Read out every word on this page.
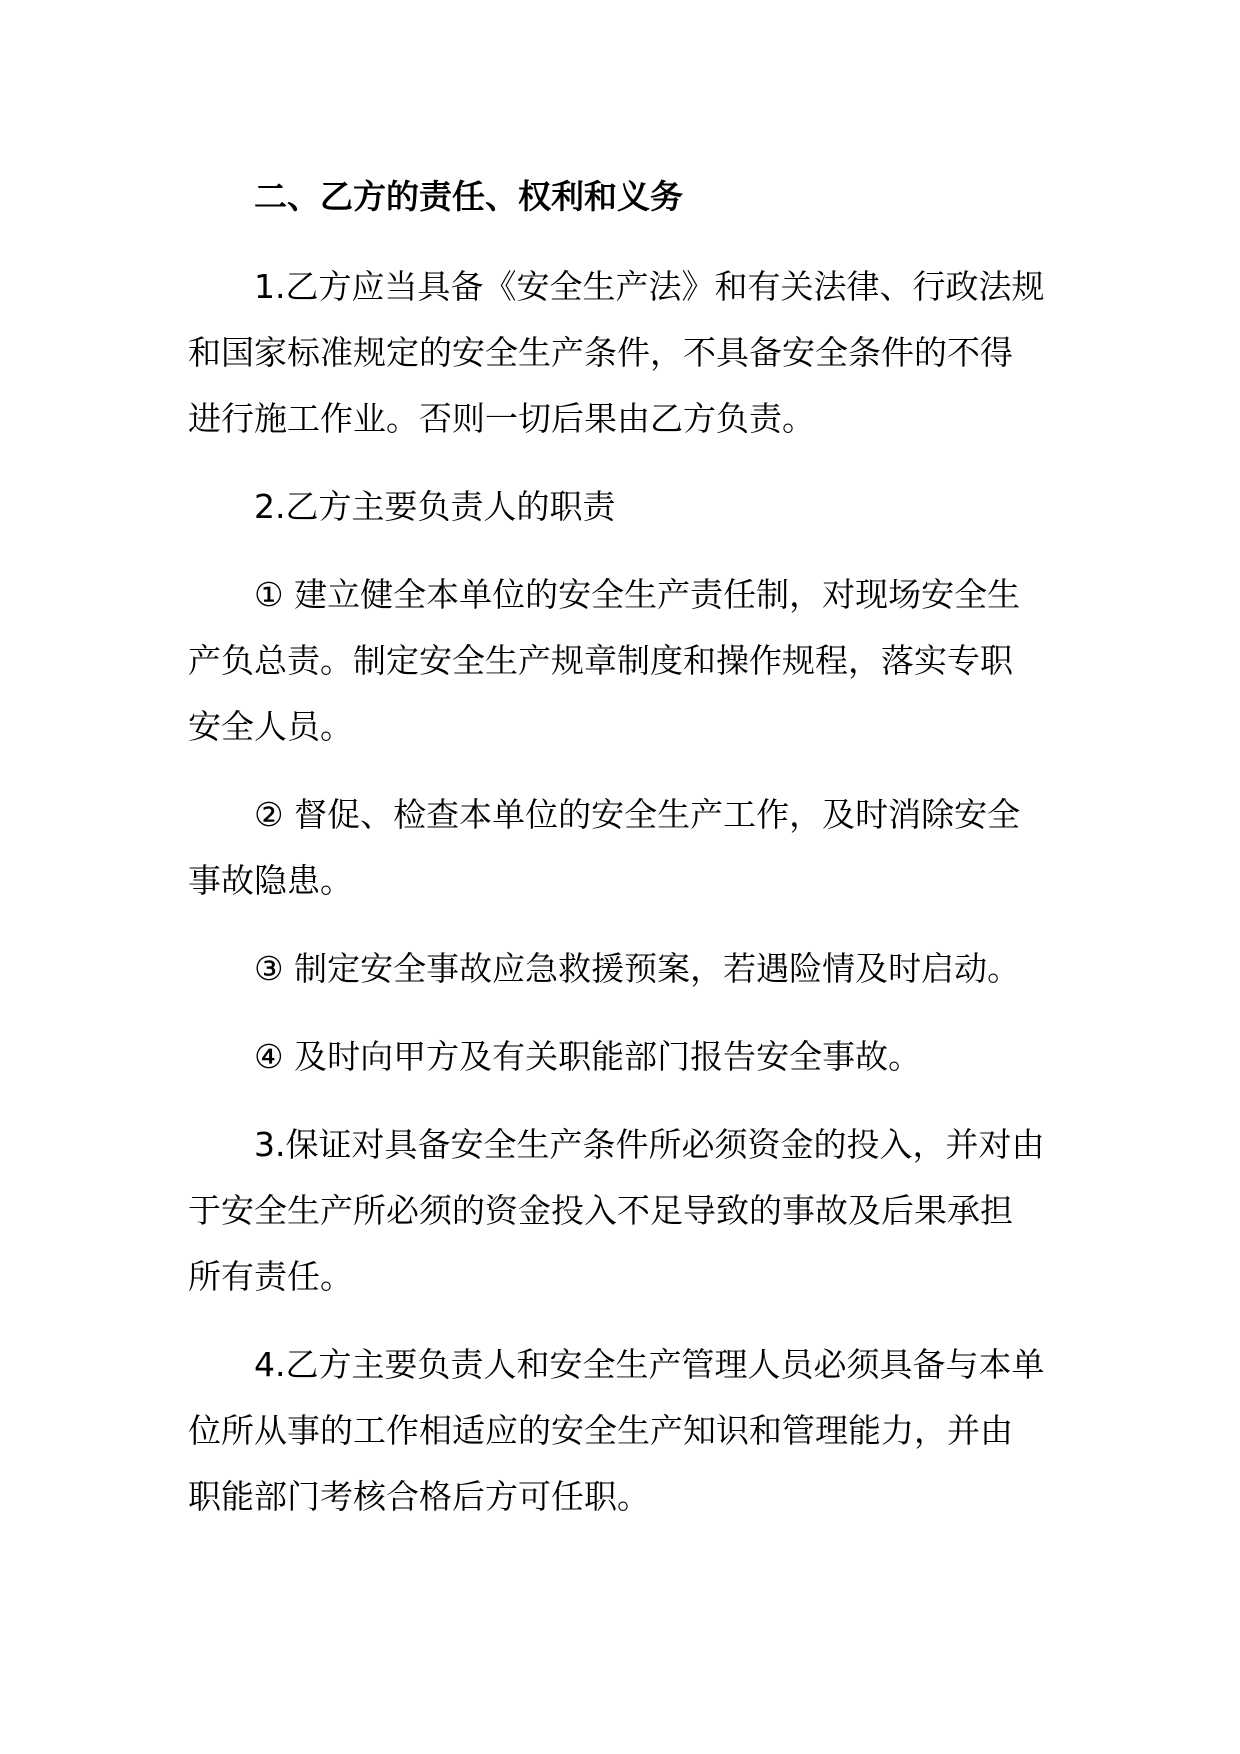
二、乙方的责任、权利和义务
1.乙方应当具备《安全生产法》和有关法律、行政法规
和国家标准规定的安全生产条件，不具备安全条件的不得
进行施工作业。否则一切后果由乙方负责。
2.乙方主要负责人的职责
① 建立健全本单位的安全生产责任制，对现场安全生
产负总责。制定安全生产规章制度和操作规程，落实专职
安全人员。
② 督促、检查本单位的安全生产工作，及时消除安全
事故隐患。
③ 制定安全事故应急救援预案，若遇险情及时启动。
④ 及时向甲方及有关职能部门报告安全事故。
3.保证对具备安全生产条件所必须资金的投入，并对由
于安全生产所必须的资金投入不足导致的事故及后果承担
所有责任。
4.乙方主要负责人和安全生产管理人员必须具备与本单
位所从事的工作相适应的安全生产知识和管理能力，并由
职能部门考核合格后方可任职。
